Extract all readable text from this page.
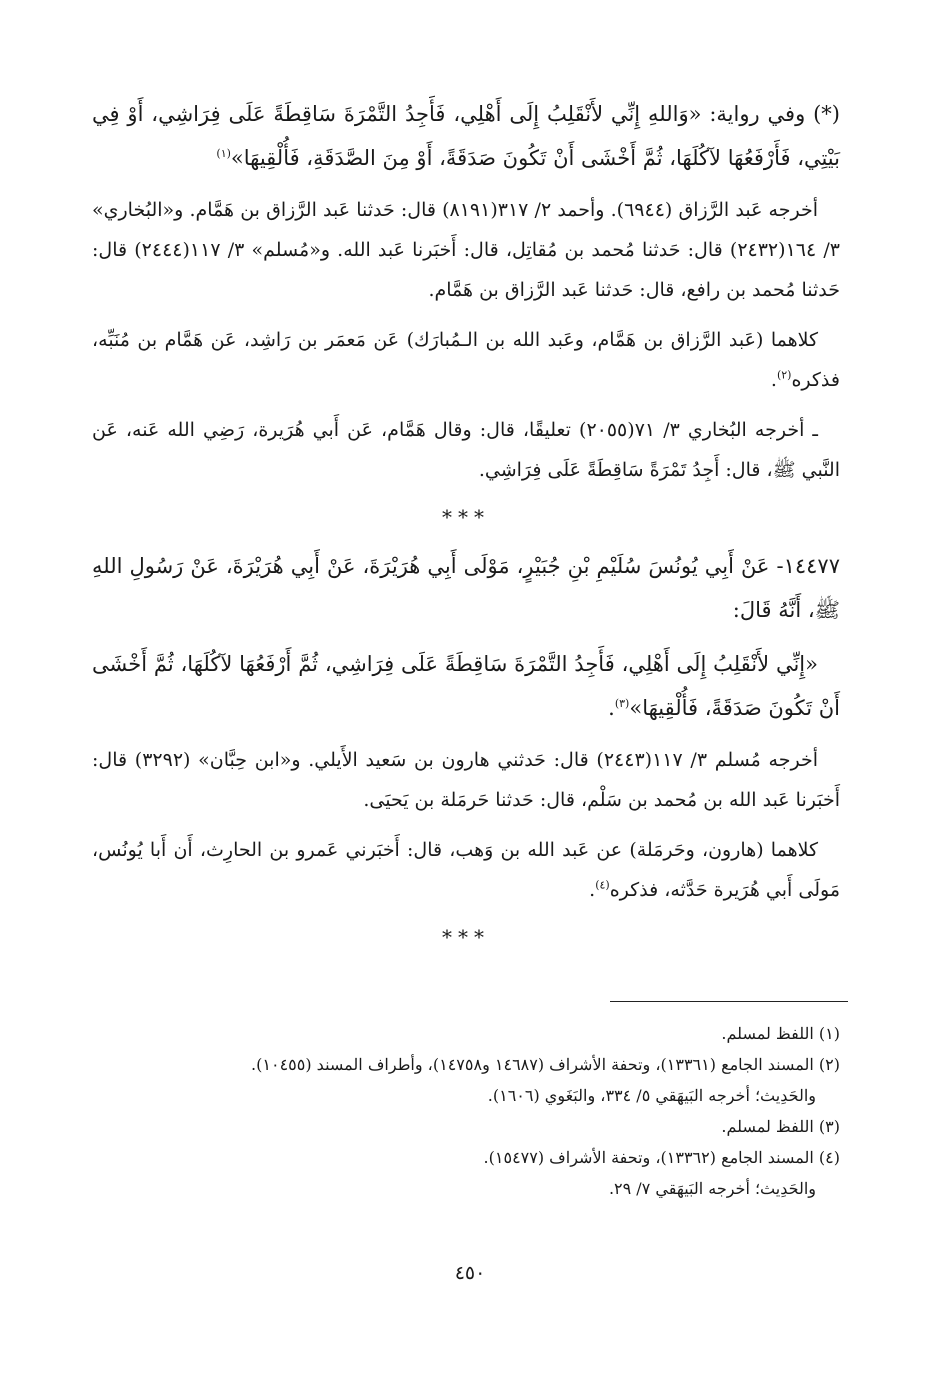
(*) وفي رواية: «وَاللهِ إِنِّي لأَنْقَلِبُ إِلَى أَهْلِي، فَأَجِدُ التَّمْرَةَ سَاقِطَةً عَلَى فِرَاشِي، أَوْ فِي بَيْتِي، فَأَرْفَعُهَا لآكُلَهَا، ثُمَّ أَخْشَى أَنْ تَكُونَ صَدَقَةً، أَوْ مِنَ الصَّدَقَةِ، فَأُلْقِيهَا»$^{(١)}$

أخرجه عَبد الرَّزاق (٦٩٤٤). وأحمد ٢/ ٣١٧(٨١٩١) قال: حَدثنا عَبد الرَّزاق بن هَمَّام. و«البُخاري» ٣/ ١٦٤(٢٤٣٢) قال: حَدثنا مُحمد بن مُقاتِل، قال: أَخبَرنا عَبد الله. و«مُسلم» ٣/ ١١٧(٢٤٤٤) قال: حَدثنا مُحمد بن رافع، قال: حَدثنا عَبد الرَّزاق بن هَمَّام.

كلاهما (عَبد الرَّزاق بن هَمَّام، وعَبد الله بن الـمُبارَك) عَن مَعمَر بن رَاشِد، عَن هَمَّام بن مُنَبِّه، فذكره$^{(٢)}$.

ـ أخرجه البُخاري ٣/ ٧١(٢٠٥٥) تعليقًا، قال: وقال هَمَّام، عَن أَبي هُرَيرة، رَضِي الله عَنه، عَن النَّبي ﷺ، قال: أَجِدُ تَمْرَةً سَاقِطَةً عَلَى فِرَاشِي.

***

١٤٤٧٧- عَنْ أَبِي يُونُسَ سُلَيْمِ بْنِ جُبَيْرٍ، مَوْلَى أَبِي هُرَيْرَةَ، عَنْ أَبِي هُرَيْرَةَ، عَنْ رَسُولِ اللهِ ﷺ، أَنَّهُ قَالَ:

«إِنِّي لأَنْقَلِبُ إِلَى أَهْلِي، فَأَجِدُ التَّمْرَةَ سَاقِطَةً عَلَى فِرَاشِي، ثُمَّ أَرْفَعُهَا لآكُلَهَا، ثُمَّ أَخْشَى أَنْ تَكُونَ صَدَقَةً، فَأُلْقِيهَا»$^{(٣)}$.

أخرجه مُسلم ٣/ ١١٧(٢٤٤٣) قال: حَدثني هارون بن سَعيد الأَيلي. و«ابن حِبَّان» (٣٢٩٢) قال: أَخبَرنا عَبد الله بن مُحمد بن سَلْم، قال: حَدثنا حَرمَلة بن يَحيَى.

كلاهما (هارون، وحَرمَلة) عن عَبد الله بن وَهب، قال: أَخبَرني عَمرو بن الحارِث، أَن أَبا يُونُس، مَولَى أَبي هُرَيرة حَدَّثه، فذكره$^{(٤)}$.

***

(١) اللفظ لمسلم.

(٢) المسند الجامع (١٣٣٦١)، وتحفة الأشراف (١٤٦٨٧ و١٤٧٥٨)، وأطراف المسند (١٠٤٥٥).

والحَدِيث؛ أخرجه البَيهَقي ٥/ ٣٣٤، والبَغَوي (١٦٠٦).

(٣) اللفظ لمسلم.

(٤) المسند الجامع (١٣٣٦٢)، وتحفة الأشراف (١٥٤٧٧).

والحَدِيث؛ أخرجه البَيهَقي ٧/ ٢٩.

٤٥٠
